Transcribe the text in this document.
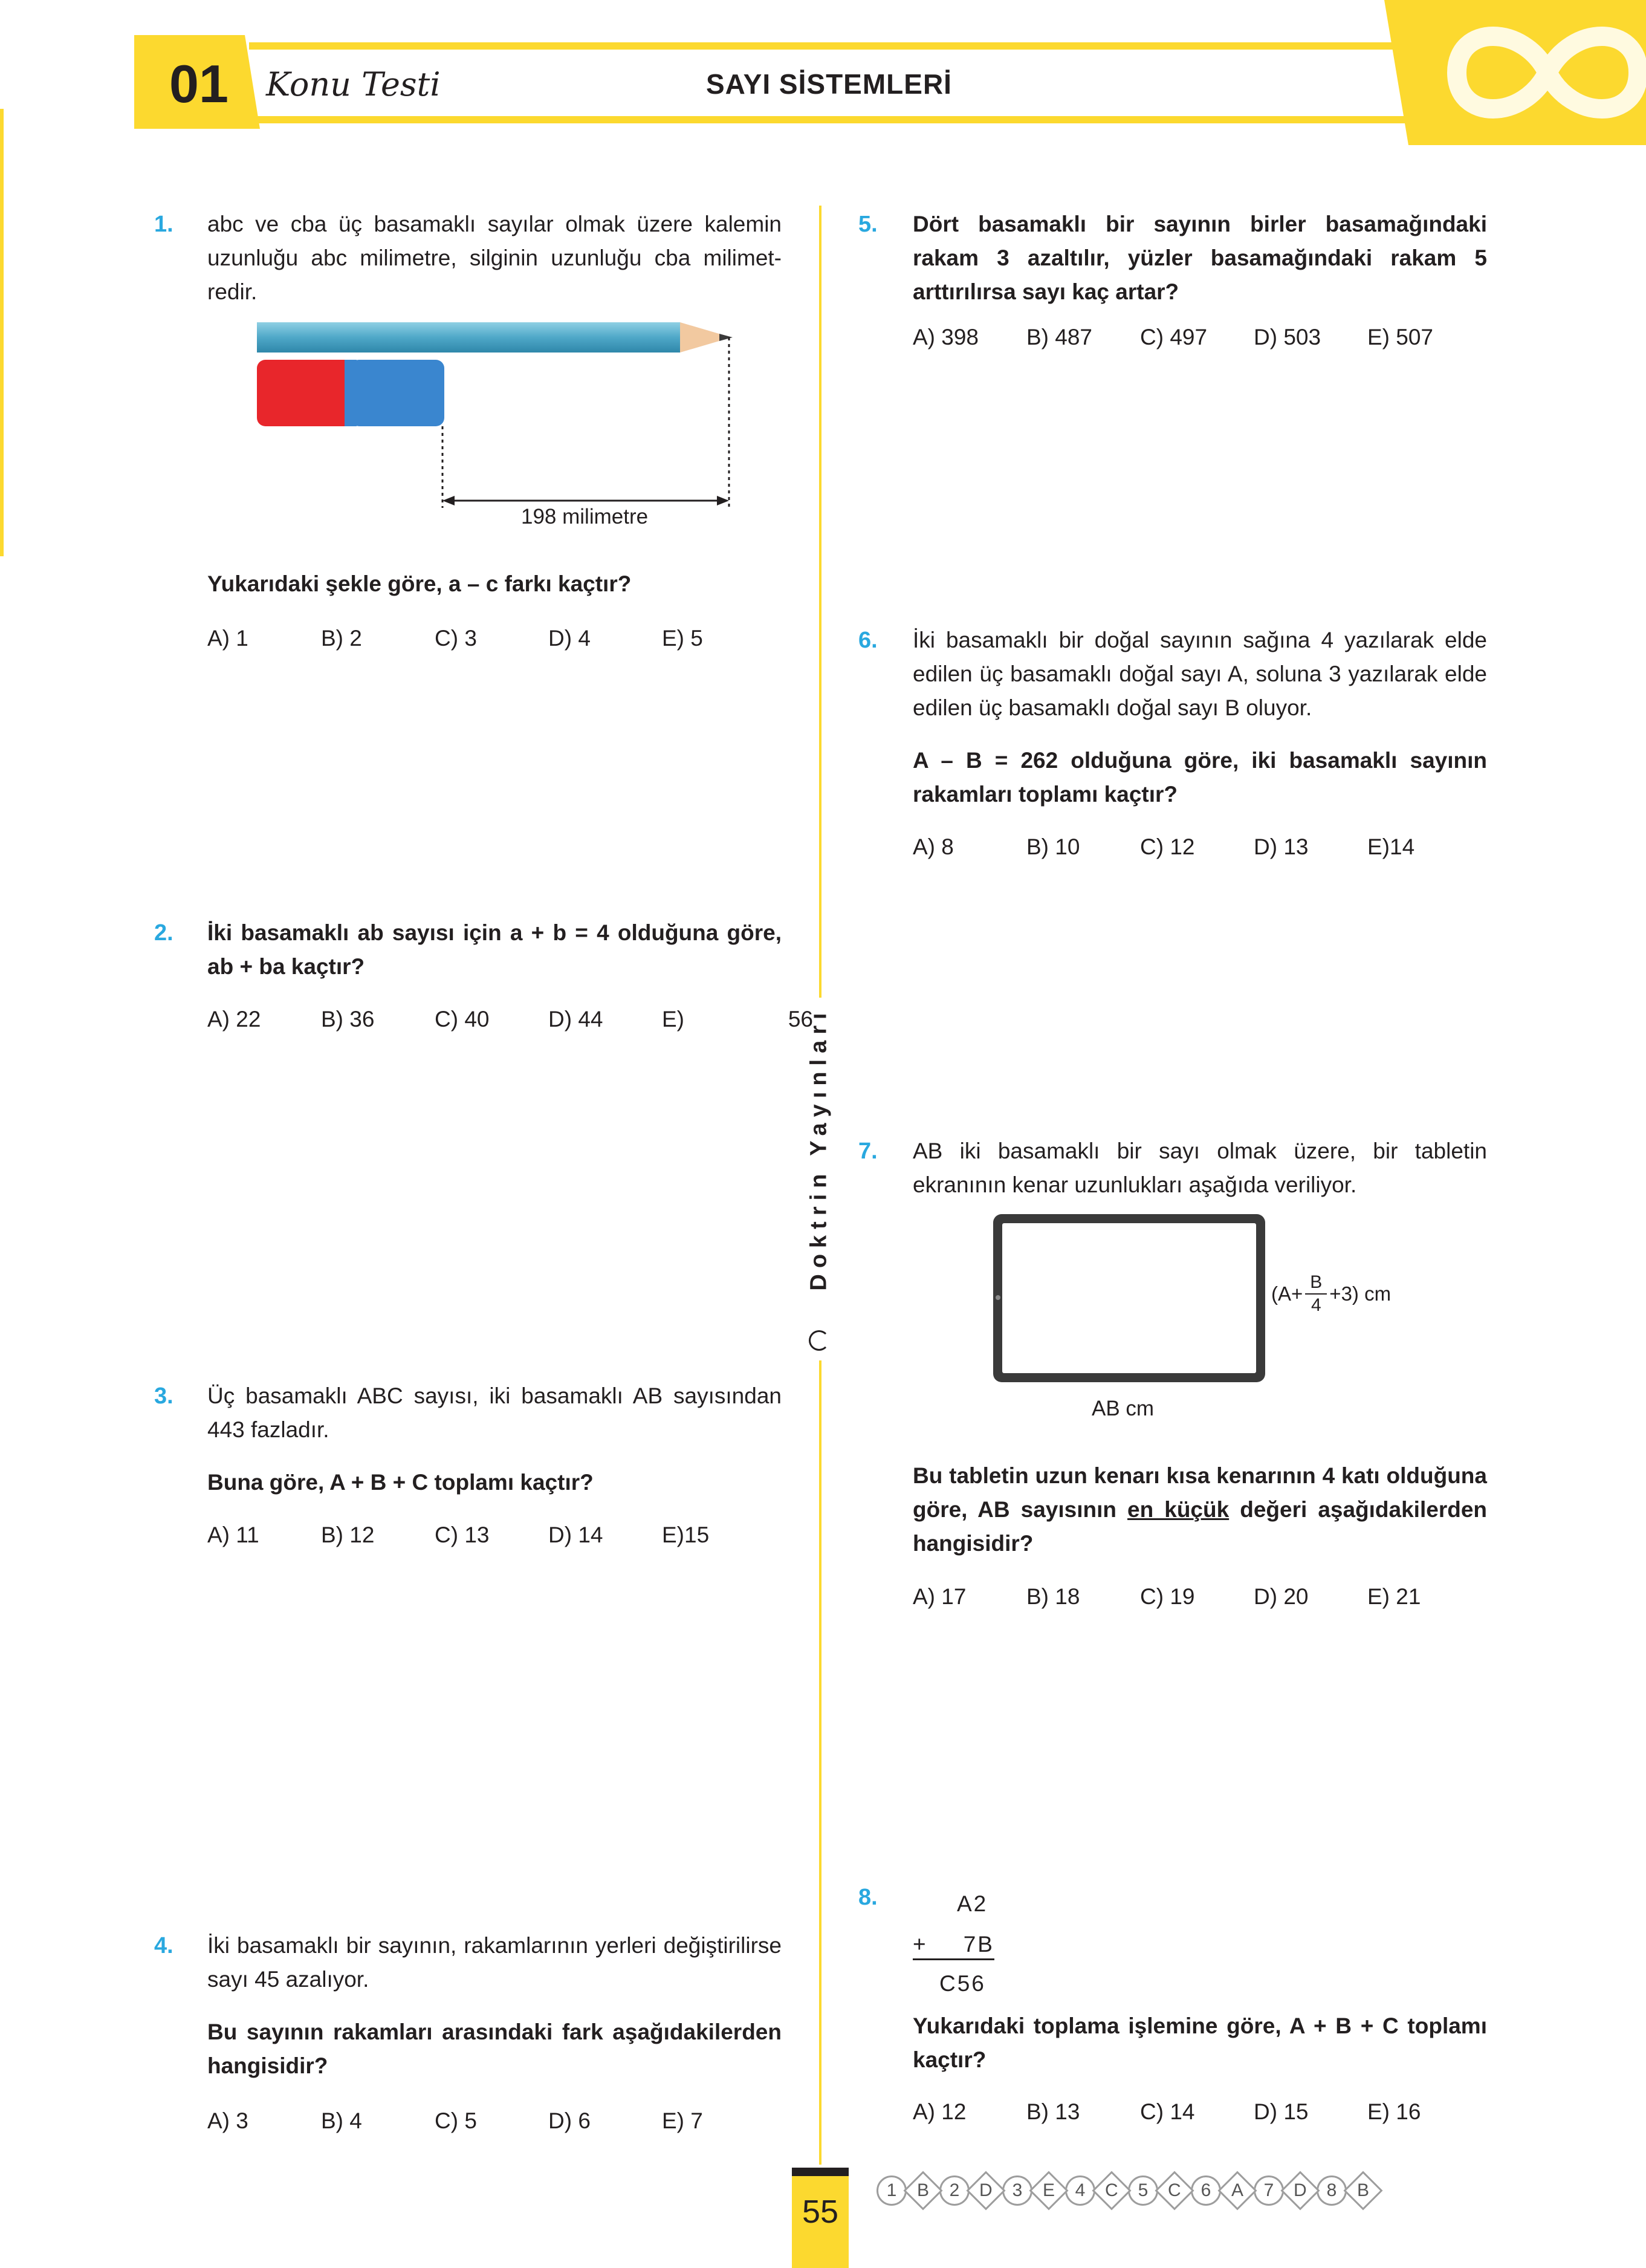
01 Konu Testi	SAYI SİSTEMLERİ
Doktrin Yayınları
1. abc ve cba üç basamaklı sayılar olmak üzere kalemin uzunluğu abc milimetre, silginin uzunluğu cba milimet-redir.
198 milimetre
Yukarıdaki şekle göre, a – c farkı kaçtır?
A) 1	B) 2	C) 3	D) 4	E) 5
2. İki basamaklı ab sayısı için a + b = 4 olduğuna göre, ab + ba kaçtır?
A) 22	B) 36	C) 40	D) 44	E)	56
3. Üç basamaklı ABC sayısı, iki basamaklı AB sayısından 443 fazladır.
Buna göre, A + B + C toplamı kaçtır?
A) 11	B) 12	C) 13	D) 14	E)15
4. İki basamaklı bir sayının, rakamlarının yerleri değiştirilirse sayı 45 azalıyor.
Bu sayının rakamları arasındaki fark aşağıdakilerden hangisidir?
A) 3	B) 4	C) 5	D) 6	E) 7
5. Dört basamaklı bir sayının birler basamağındaki rakam 3 azaltılır, yüzler basamağındaki rakam 5 arttırılırsa sayı kaç artar?
A) 398	B) 487	C) 497	D) 503	E) 507
6. İki basamaklı bir doğal sayının sağına 4 yazılarak elde edilen üç basamaklı doğal sayı A, soluna 3 yazılarak elde edilen üç basamaklı doğal sayı B oluyor.
A – B = 262 olduğuna göre, iki basamaklı sayının rakamları toplamı kaçtır?
A) 8	B) 10	C) 12	D) 13	E)14
7. AB iki basamaklı bir sayı olmak üzere, bir tabletin ekranının kenar uzunlukları aşağıda veriliyor.
$(A+ \frac{B}{4} +3)$ cm
AB cm
Bu tabletin uzun kenarı kısa kenarının 4 katı olduğuna göre, AB sayısının en küçük değeri aşağıdakilerden hangisidir?
A) 17	B) 18	C) 19	D) 20	E) 21
8.	A2
+ 7B
C56
Yukarıdaki toplama işlemine göre, A + B + C toplamı kaçtır?
A) 12	B) 13	C) 14	D) 15	E) 16
55
1	B	2	D	3	E	4	C	5	C	6	A	7	D	8	B
